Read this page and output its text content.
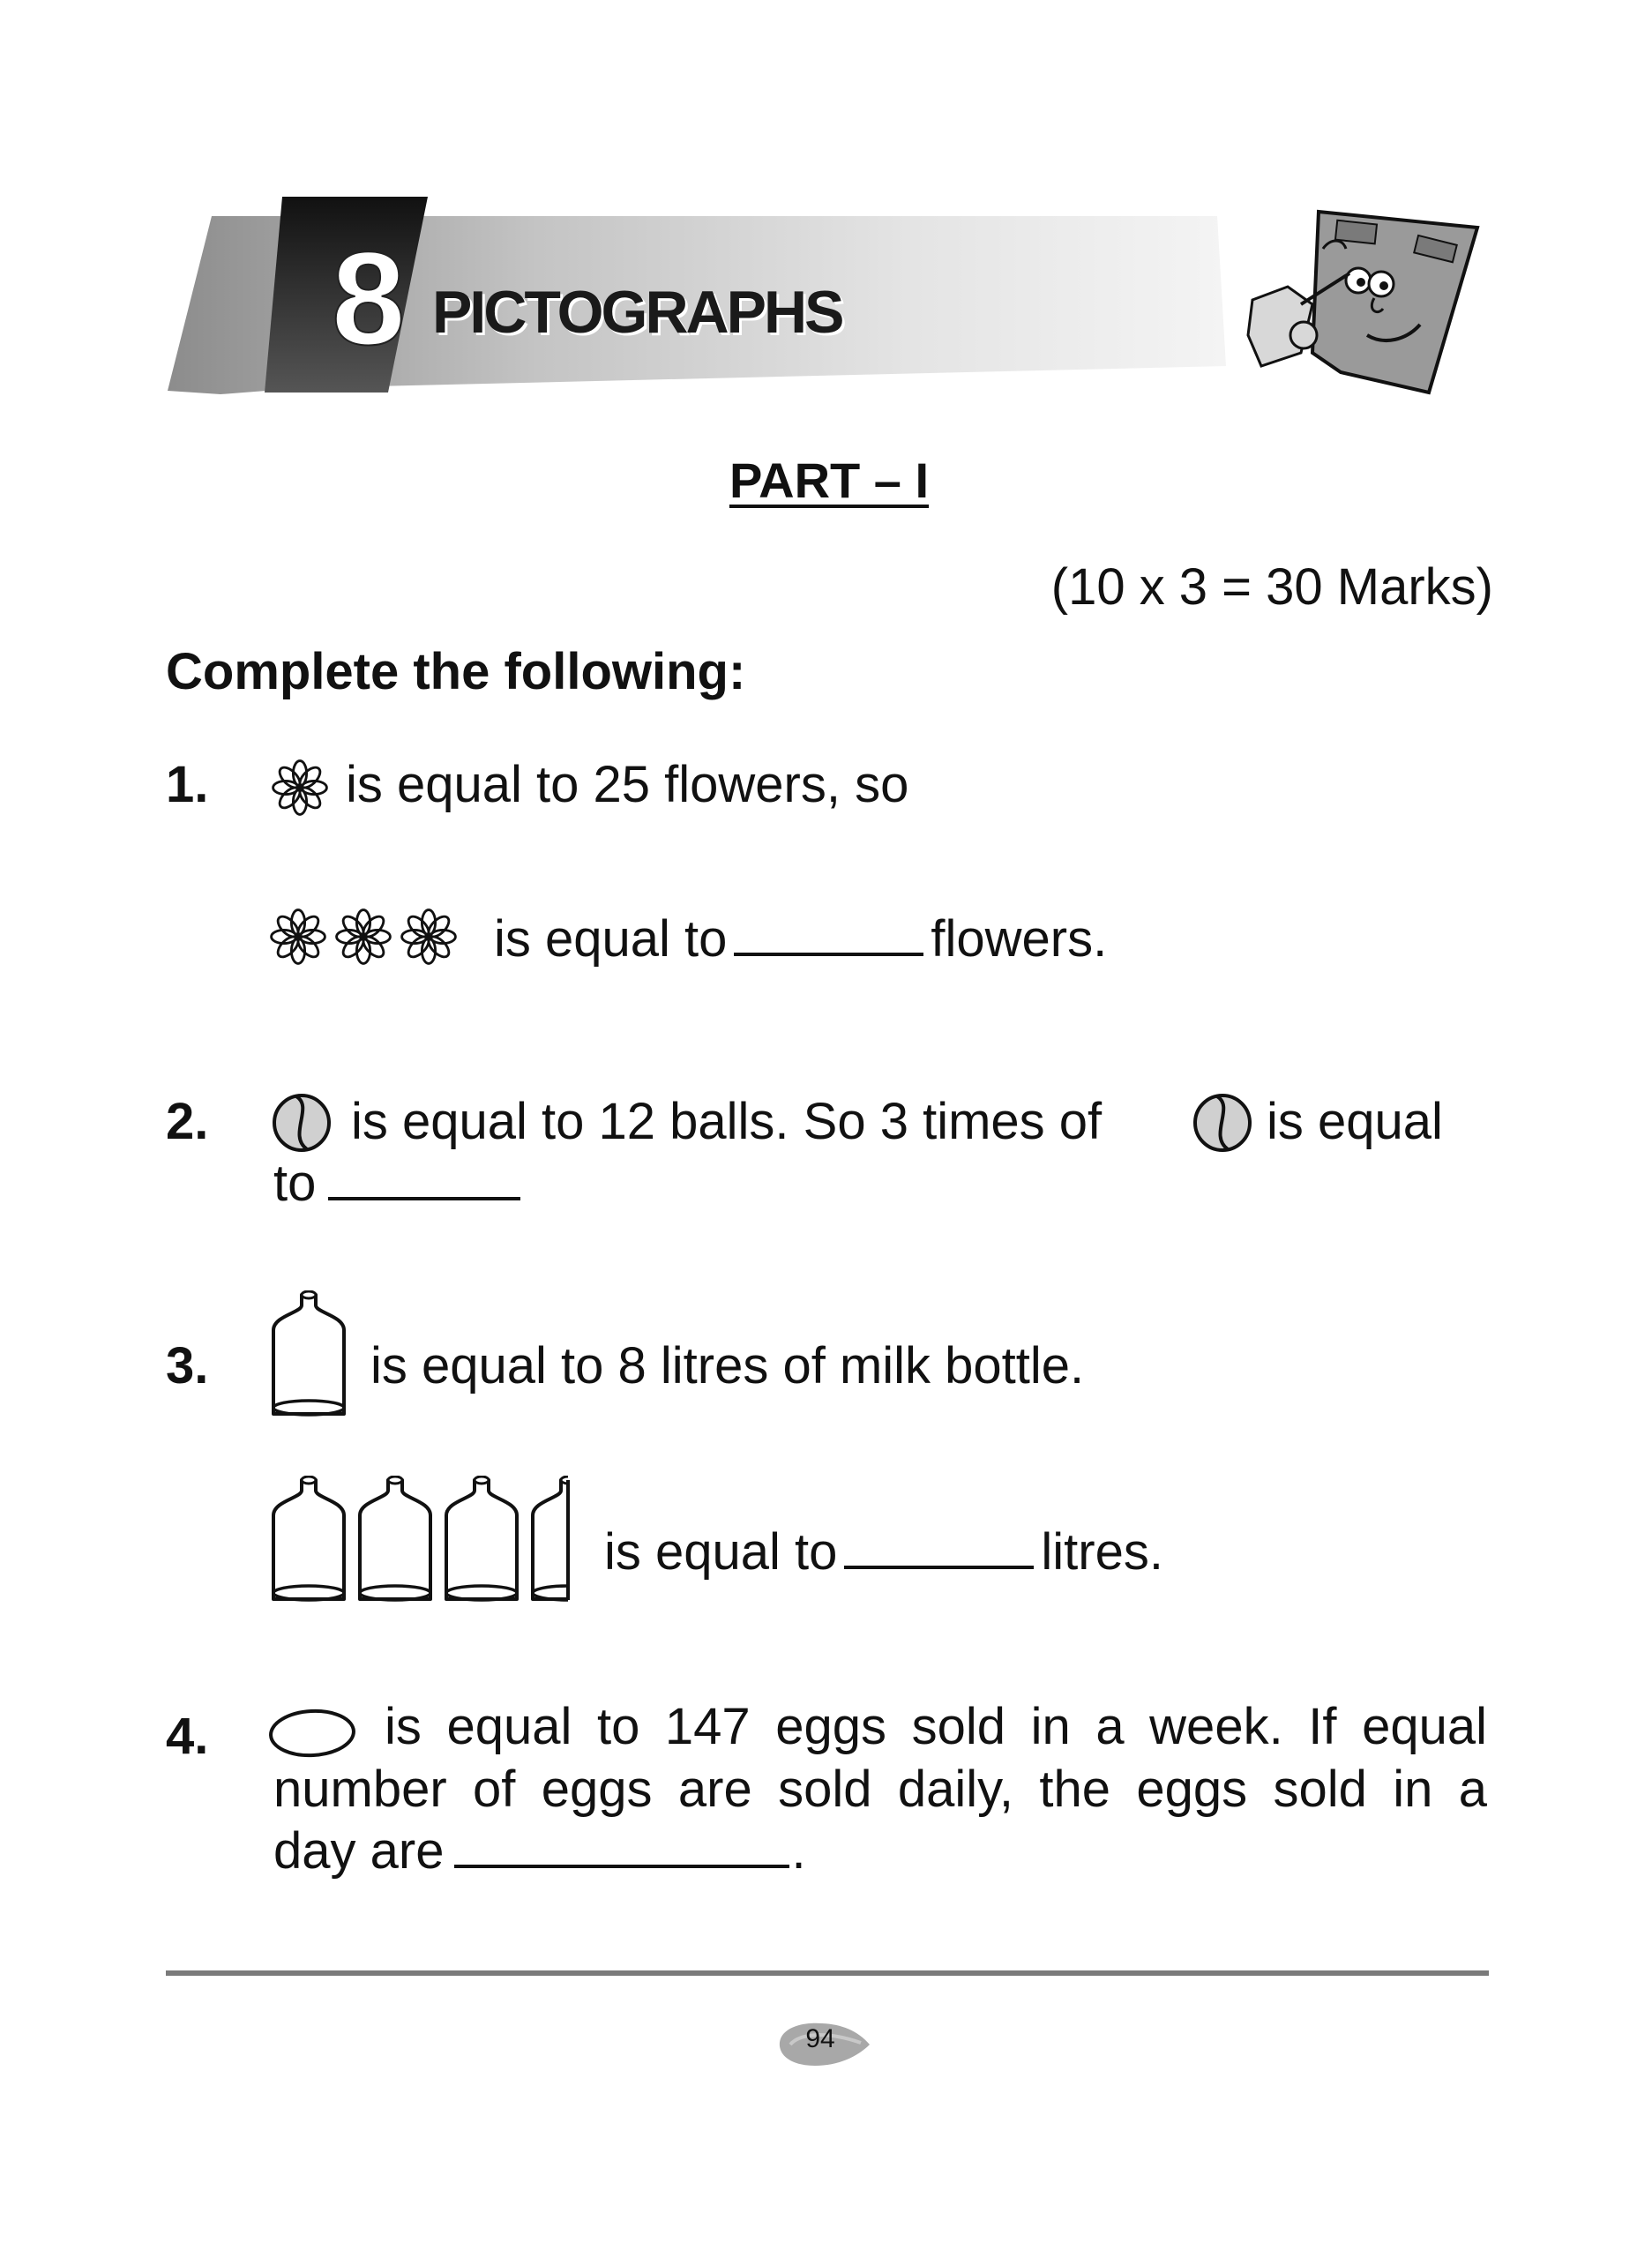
8 PICTOGRAPHS
PART – I
(10 x 3 = 30 Marks)
Complete the following:
1.	is equal to 25 flowers, so
is equal to	flowers.
2.	is equal to 12 balls. So 3 times of	is equal
to
3.	is equal to 8 litres of milk bottle.
is equal to	litres.
4.	is equal to 147 eggs sold in a week. If equal
number of eggs are sold daily, the eggs sold in a
day are	.
94
